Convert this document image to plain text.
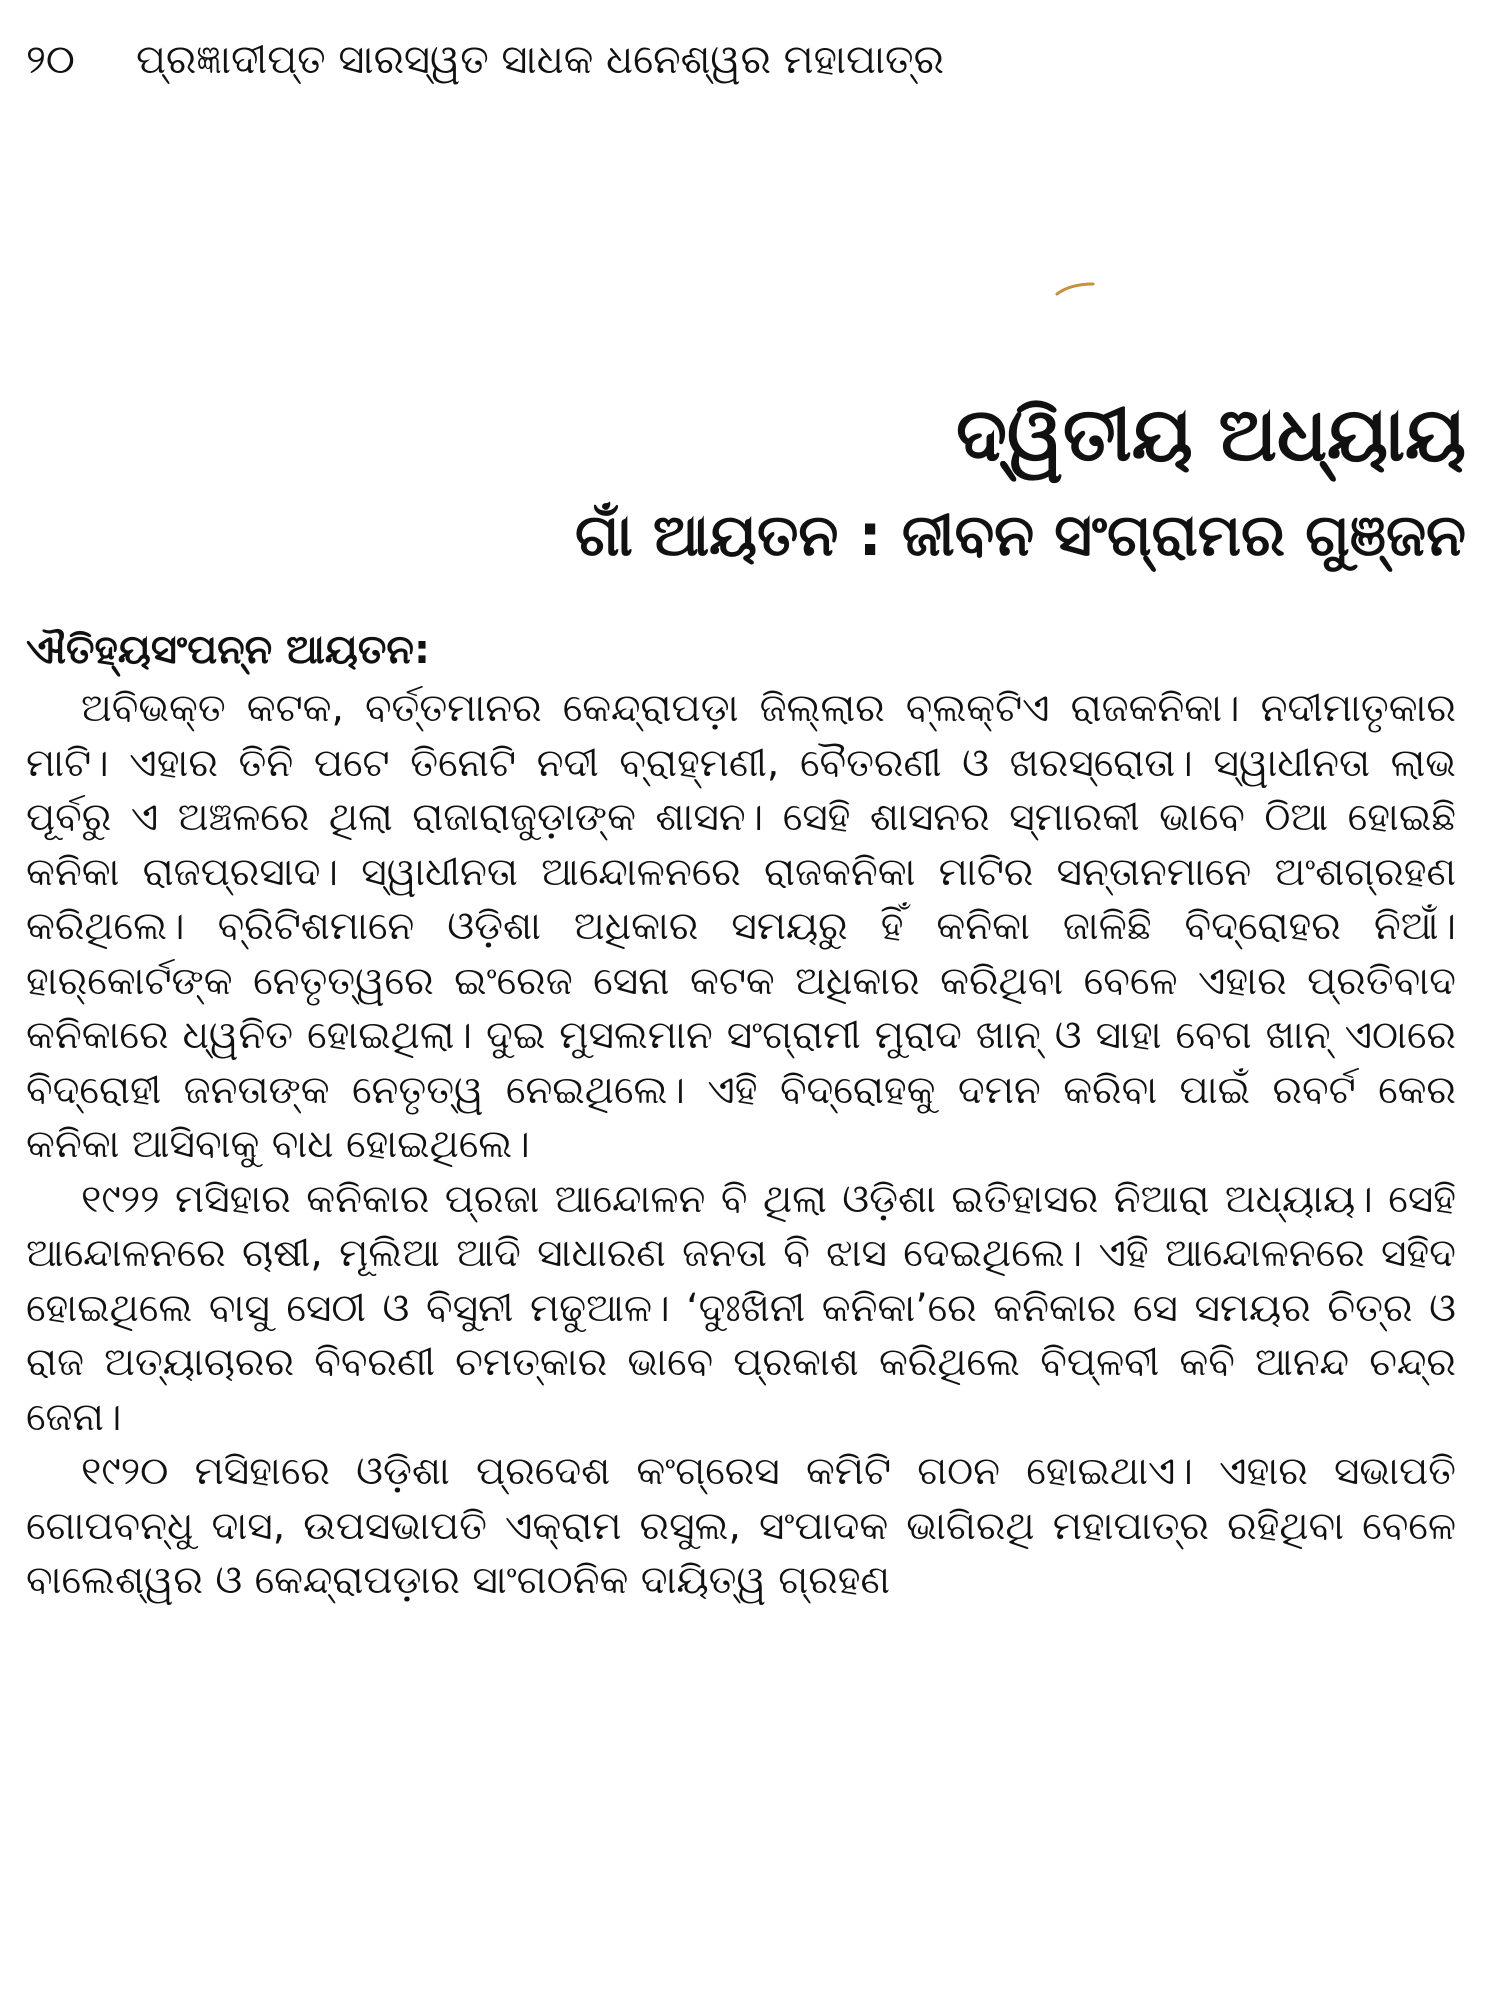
୨୦ ପ୍ରଜ୍ଞାଦୀପ୍ତ ସାରସ୍ୱତ ସାଧକ ଧନେଶ୍ୱର ମହାପାତ୍ର
ଦ୍ୱିତୀୟ ଅଧ୍ୟାୟ
ଗାଁ ଆୟତନ : ଜୀବନ ସଂଗ୍ରାମର ଗୁଞ୍ଜନ

ଐତିହ୍ୟସଂପନ୍ନ ଆୟତନ:

ଅବିଭକ୍ତ କଟକ, ବର୍ତ୍ତମାନର କେନ୍ଦ୍ରାପଡ଼ା ଜିଲ୍ଲାର ବ୍ଲକ୍‌ଟିଏ ରାଜକନିକା। ନଦୀମାତୃକାର ମାଟି। ଏହାର ତିନି ପଟେ ତିନୋଟି ନଦୀ ବ୍ରାହ୍ମଣୀ, ବୈତରଣୀ ଓ ଖରସ୍ରୋତା। ସ୍ୱାଧୀନତା ଲାଭ ପୂର୍ବରୁ ଏ ଅଞ୍ଚଳରେ ଥିଲା ରାଜାରାଜୁଡ଼ାଙ୍କ ଶାସନ। ସେହି ଶାସନର ସ୍ମାରକୀ ଭାବେ ଠିଆ ହୋଇଛି କନିକା ରାଜପ୍ରସାଦ। ସ୍ୱାଧୀନତା ଆନ୍ଦୋଳନରେ ରାଜକନିକା ମାଟିର ସନ୍ତାନମାନେ ଅଂଶଗ୍ରହଣ କରିଥିଲେ। ବ୍ରିଟିଶମାନେ ଓଡ଼ିଶା ଅଧିକାର ସମୟରୁ ହିଁ କନିକା ଜାଳିଛି ବିଦ୍ରୋହର ନିଆଁ। ହାର୍‌କୋର୍ଟଙ୍କ ନେତୃତ୍ୱରେ ଇଂରେଜ ସେନା କଟକ ଅଧିକାର କରିଥିବା ବେଳେ ଏହାର ପ୍ରତିବାଦ କନିକାରେ ଧ୍ୱନିତ ହୋଇଥିଲା। ଦୁଇ ମୁସଲମାନ ସଂଗ୍ରାମୀ ମୁରାଦ ଖାନ୍ ଓ ସାହା ବେଗ ଖାନ୍ ଏଠାରେ ବିଦ୍ରୋହୀ ଜନତାଙ୍କ ନେତୃତ୍ୱ ନେଇଥିଲେ। ଏହି ବିଦ୍ରୋହକୁ ଦମନ କରିବା ପାଇଁ ରବର୍ଟ କେର କନିକା ଆସିବାକୁ ବାଧ ହୋଇଥିଲେ।

୧୯୨୨ ମସିହାର କନିକାର ପ୍ରଜା ଆନ୍ଦୋଳନ ବି ଥିଲା ଓଡ଼ିଶା ଇତିହାସର ନିଆରା ଅଧ୍ୟାୟ। ସେହି ଆନ୍ଦୋଳନରେ ଚାଷୀ, ମୂଲିଆ ଆଦି ସାଧାରଣ ଜନତା ବି ଝାସ ଦେଇଥିଲେ। ଏହି ଆନ୍ଦୋଳନରେ ସହିଦ ହୋଇଥିଲେ ବାସୁ ସେଠୀ ଓ ବିସୁନୀ ମଢୁଆଳ। ‘ଦୁଃଖିନୀ କନିକା’ରେ କନିକାର ସେ ସମୟର ଚିତ୍ର ଓ ରାଜ ଅତ୍ୟାଚାରର ବିବରଣୀ ଚମତ୍କାର ଭାବେ ପ୍ରକାଶ କରିଥିଲେ ବିପ୍ଳବୀ କବି ଆନନ୍ଦ ଚନ୍ଦ୍ର ଜେନା।

୧୯୨୦ ମସିହାରେ ଓଡ଼ିଶା ପ୍ରଦେଶ କଂଗ୍ରେସ କମିଟି ଗଠନ ହୋଇଥାଏ। ଏହାର ସଭାପତି ଗୋପବନ୍ଧୁ ଦାସ, ଉପସଭାପତି ଏକ୍ରାମ ରସୁଲ, ସଂପାଦକ ଭାଗିରଥି ମହାପାତ୍ର ରହିଥିବା ବେଳେ ବାଲେଶ୍ୱର ଓ କେନ୍ଦ୍ରାପଡ଼ାର ସାଂଗଠନିକ ଦାୟିତ୍ୱ ଗ୍ରହଣ
